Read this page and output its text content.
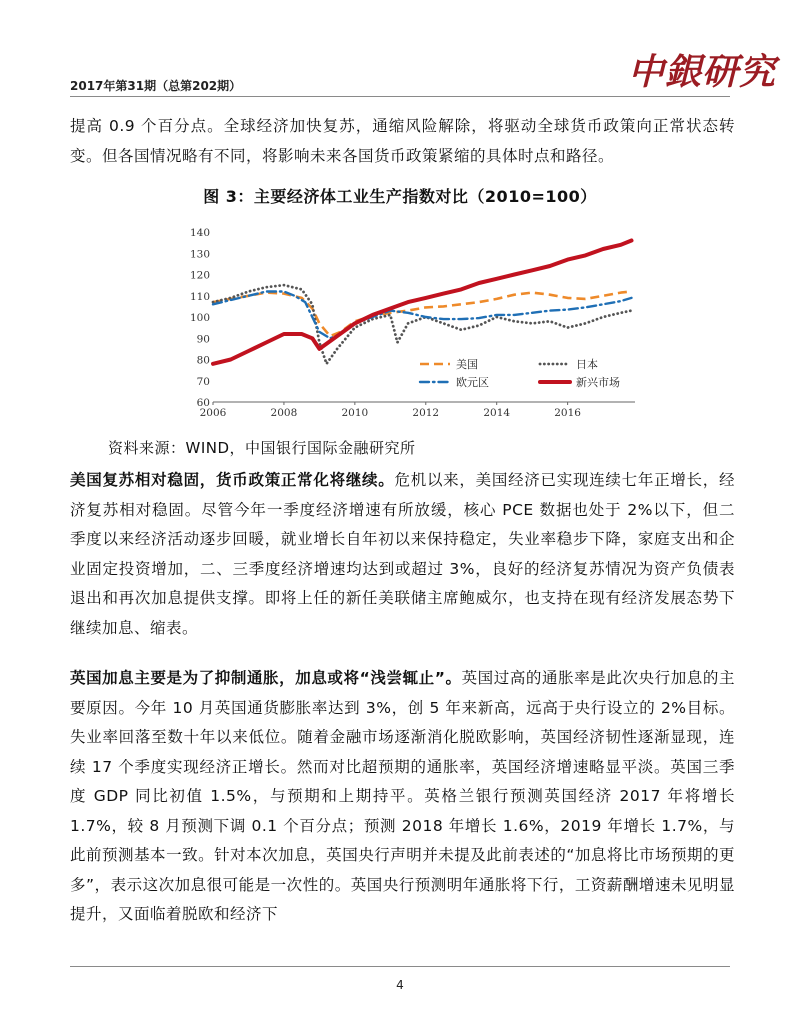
2017年第31期（总第202期）	中銀研究

提高 0.9 个百分点。全球经济加快复苏，通缩风险解除，将驱动全球货币政策向正常状态转变。但各国情况略有不同，将影响未来各国货币政策紧缩的具体时点和路径。

图 3：主要经济体工业生产指数对比（2010=100）
60
70
80
90
100
110
120
130
140
2006	2008	2010	2012	2014	2016
美国	日本
欧元区	新兴市场
资料来源：WIND，中国银行国际金融研究所

美国复苏相对稳固，货币政策正常化将继续。危机以来，美国经济已实现连续七年正增长，经济复苏相对稳固。尽管今年一季度经济增速有所放缓，核心 PCE 数据也处于 2%以下，但二季度以来经济活动逐步回暖，就业增长自年初以来保持稳定，失业率稳步下降，家庭支出和企业固定投资增加，二、三季度经济增速均达到或超过 3%，良好的经济复苏情况为资产负债表退出和再次加息提供支撑。即将上任的新任美联储主席鲍威尔，也支持在现有经济发展态势下继续加息、缩表。

英国加息主要是为了抑制通胀，加息或将“浅尝辄止”。英国过高的通胀率是此次央行加息的主要原因。今年 10 月英国通货膨胀率达到 3%，创 5 年来新高，远高于央行设立的 2%目标。失业率回落至数十年以来低位。随着金融市场逐渐消化脱欧影响，英国经济韧性逐渐显现，连续 17 个季度实现经济正增长。然而对比超预期的通胀率，英国经济增速略显平淡。英国三季度 GDP 同比初值 1.5%，与预期和上期持平。英格兰银行预测英国经济 2017 年将增长 1.7%，较 8 月预测下调 0.1 个百分点；预测 2018 年增长 1.6%，2019 年增长 1.7%，与此前预测基本一致。针对本次加息，英国央行声明并未提及此前表述的“加息将比市场预期的更多”，表示这次加息很可能是一次性的。英国央行预测明年通胀将下行，工资薪酬增速未见明显提升，又面临着脱欧和经济下

4
